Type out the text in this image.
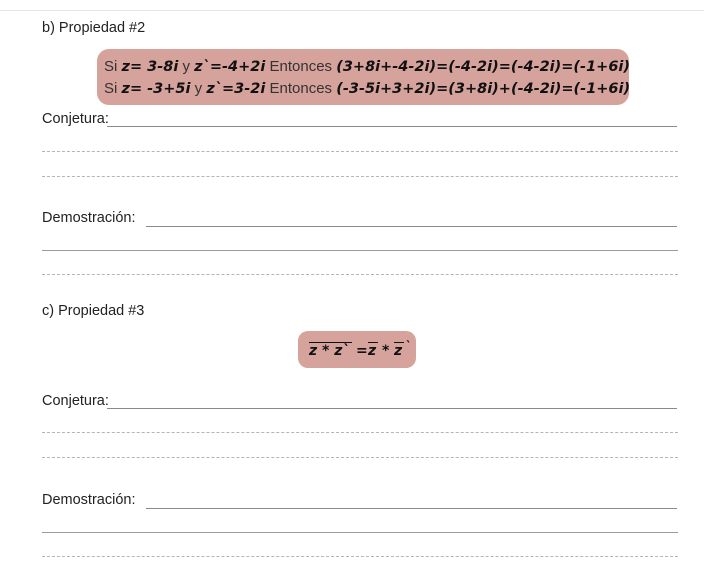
b) Propiedad #2
Si z= 3-8i y z`=-4+2i Entonces (3+8i+-4-2i)=(-4-2i)=(-4-2i)=(-1+6i)
Si z= -3+5i y z`=3-2i Entonces (-3-5i+3+2i)=(3+8i)+(-4-2i)=(-1+6i)
Conjetura:
Demostración:
c) Propiedad #3
z * z` = z * z `
Conjetura:
Demostración:
